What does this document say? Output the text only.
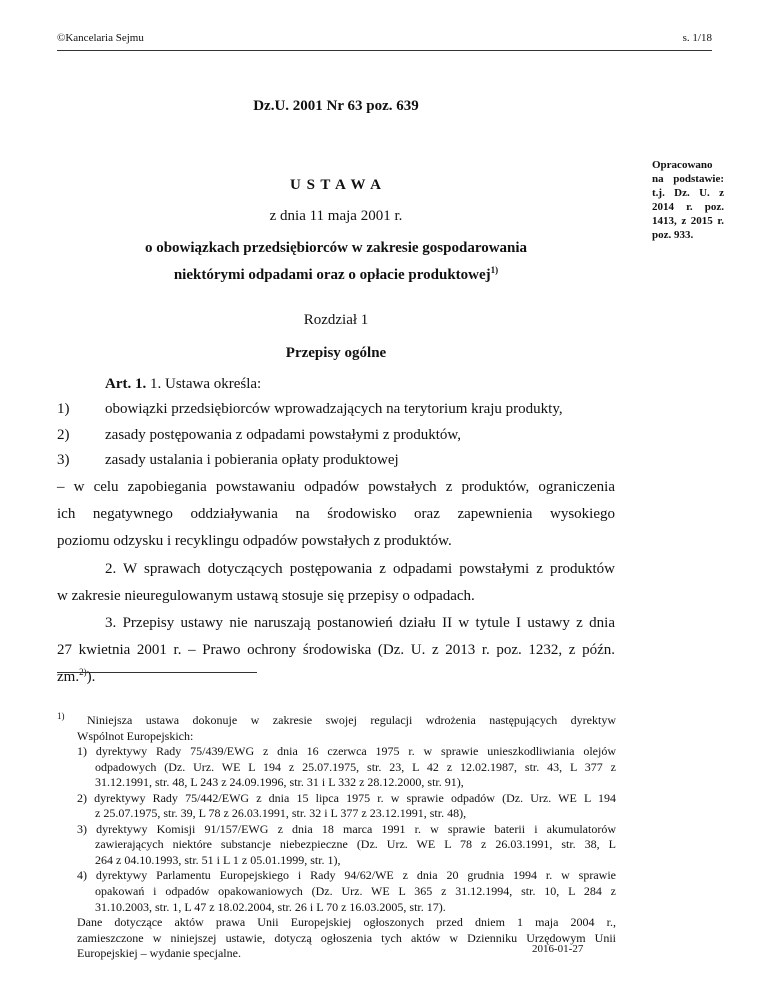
©Kancelaria Sejmu	s. 1/18
Dz.U. 2001 Nr 63 poz. 639
Opracowano na podstawie: t.j. Dz. U. z 2014 r. poz. 1413, z 2015 r. poz. 933.
U S T A W A
z dnia 11 maja 2001 r.
o obowiązkach przedsiębiorców w zakresie gospodarowania
niektórymi odpadami oraz o opłacie produktowej$^{1)}$
Rozdział 1
Przepisy ogólne
Art. 1. 1. Ustawa określa:
1) obowiązki przedsiębiorców wprowadzających na terytorium kraju produkty,
2) zasady postępowania z odpadami powstałymi z produktów,
3) zasady ustalania i pobierania opłaty produktowej
– w celu zapobiegania powstawaniu odpadów powstałych z produktów, ograniczenia
ich negatywnego oddziaływania na środowisko oraz zapewnienia wysokiego
poziomu odzysku i recyklingu odpadów powstałych z produktów.
2. W sprawach dotyczących postępowania z odpadami powstałymi z produktów
w zakresie nieuregulowanym ustawą stosuje się przepisy o odpadach.
3. Przepisy ustawy nie naruszają postanowień działu II w tytule I ustawy z dnia
27 kwietnia 2001 r. – Prawo ochrony środowiska (Dz. U. z 2013 r. poz. 1232, z późn.
zm.$^{2)}$).
1) Niniejsza ustawa dokonuje w zakresie swojej regulacji wdrożenia następujących dyrektyw
Wspólnot Europejskich:
1) dyrektywy Rady 75/439/EWG z dnia 16 czerwca 1975 r. w sprawie unieszkodliwiania olejów
odpadowych (Dz. Urz. WE L 194 z 25.07.1975, str. 23, L 42 z 12.02.1987, str. 43, L 377 z
31.12.1991, str. 48, L 243 z 24.09.1996, str. 31 i L 332 z 28.12.2000, str. 91),
2) dyrektywy Rady 75/442/EWG z dnia 15 lipca 1975 r. w sprawie odpadów (Dz. Urz. WE L 194
z 25.07.1975, str. 39, L 78 z 26.03.1991, str. 32 i L 377 z 23.12.1991, str. 48),
3) dyrektywy Komisji 91/157/EWG z dnia 18 marca 1991 r. w sprawie baterii i akumulatorów
zawierających niektóre substancje niebezpieczne (Dz. Urz. WE L 78 z 26.03.1991, str. 38, L
264 z 04.10.1993, str. 51 i L 1 z 05.01.1999, str. 1),
4) dyrektywy Parlamentu Europejskiego i Rady 94/62/WE z dnia 20 grudnia 1994 r. w sprawie
opakowań i odpadów opakowaniowych (Dz. Urz. WE L 365 z 31.12.1994, str. 10, L 284 z
31.10.2003, str. 1, L 47 z 18.02.2004, str. 26 i L 70 z 16.03.2005, str. 17).
Dane dotyczące aktów prawa Unii Europejskiej ogłoszonych przed dniem 1 maja 2004 r.,
zamieszczone w niniejszej ustawie, dotyczą ogłoszenia tych aktów w Dzienniku Urzędowym Unii
Europejskiej – wydanie specjalne.	2016-01-27
